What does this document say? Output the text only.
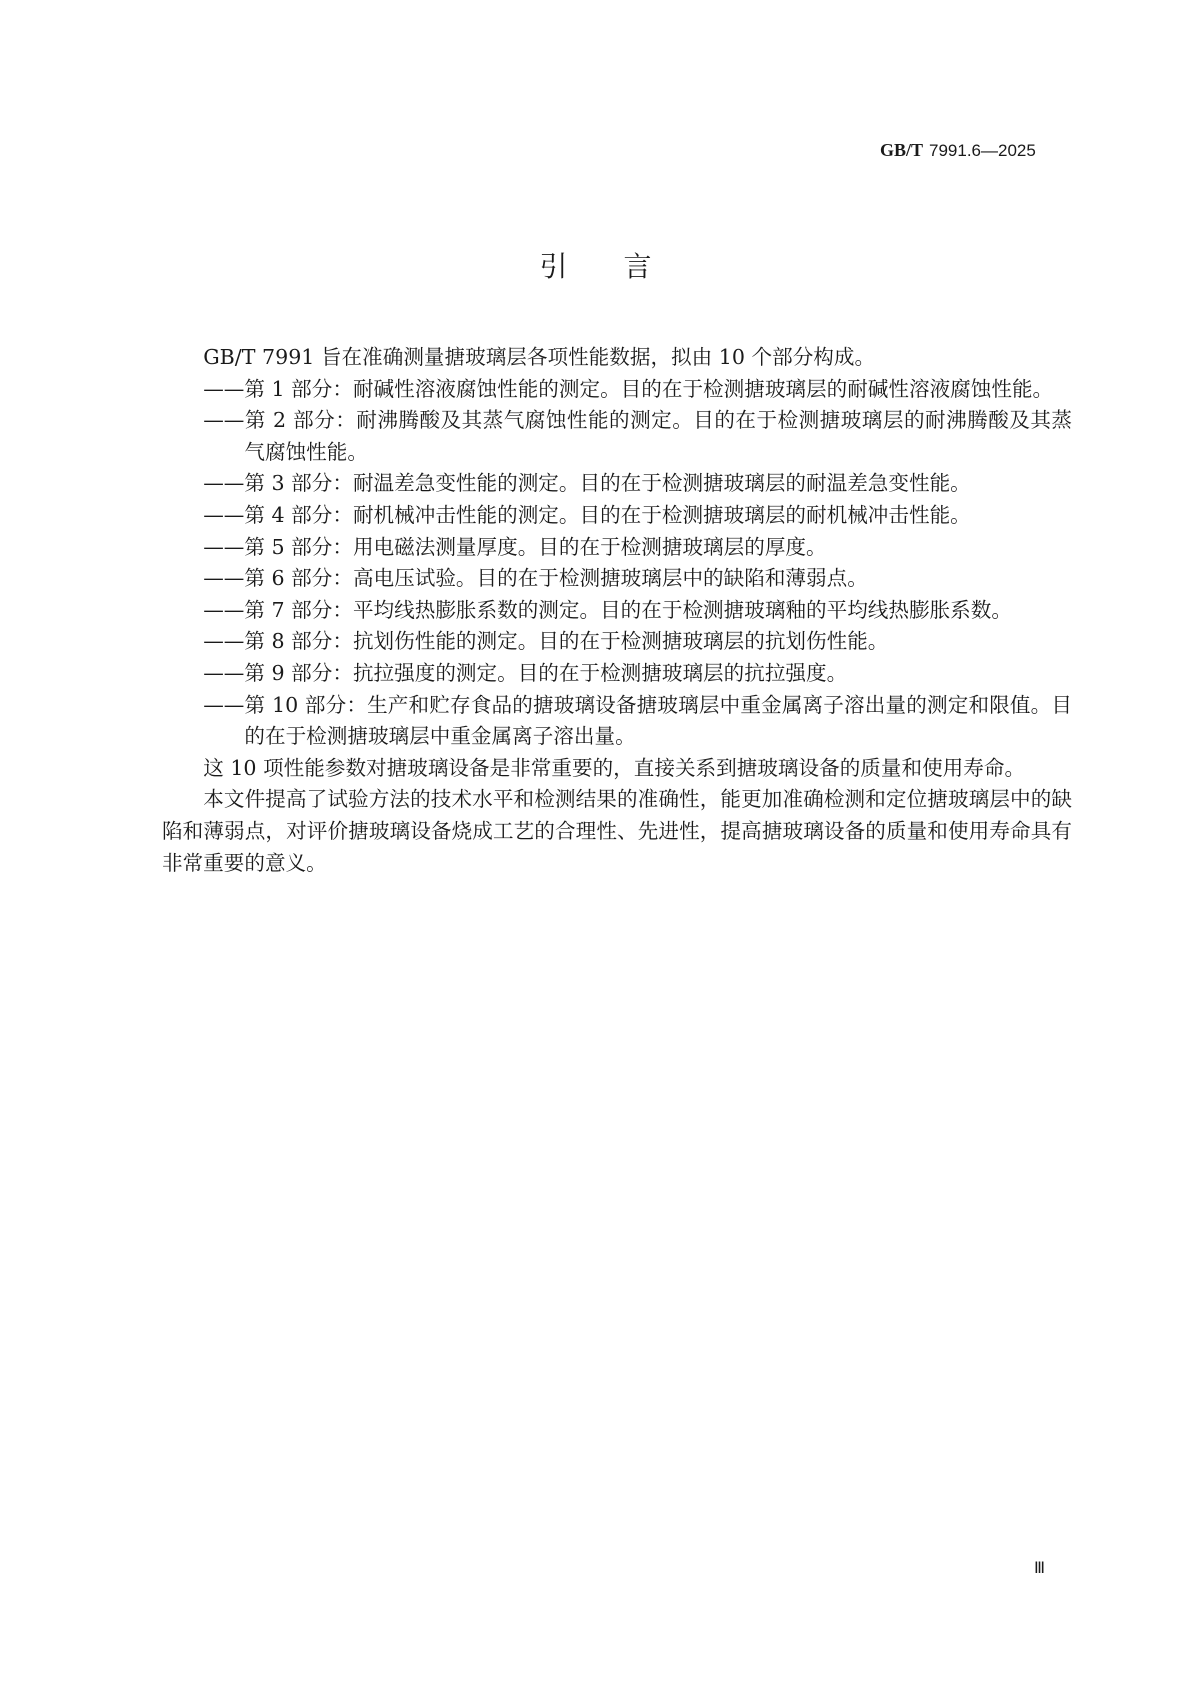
GB/T 7991.6—2025
引言

GB/T 7991 旨在准确测量搪玻璃层各项性能数据，拟由 10 个部分构成。

——第 1 部分：耐碱性溶液腐蚀性能的测定。目的在于检测搪玻璃层的耐碱性溶液腐蚀性能。

——第 2 部分：耐沸腾酸及其蒸气腐蚀性能的测定。目的在于检测搪玻璃层的耐沸腾酸及其蒸气腐蚀性能。

——第 3 部分：耐温差急变性能的测定。目的在于检测搪玻璃层的耐温差急变性能。

——第 4 部分：耐机械冲击性能的测定。目的在于检测搪玻璃层的耐机械冲击性能。

——第 5 部分：用电磁法测量厚度。目的在于检测搪玻璃层的厚度。

——第 6 部分：高电压试验。目的在于检测搪玻璃层中的缺陷和薄弱点。

——第 7 部分：平均线热膨胀系数的测定。目的在于检测搪玻璃釉的平均线热膨胀系数。

——第 8 部分：抗划伤性能的测定。目的在于检测搪玻璃层的抗划伤性能。

——第 9 部分：抗拉强度的测定。目的在于检测搪玻璃层的抗拉强度。

——第 10 部分：生产和贮存食品的搪玻璃设备搪玻璃层中重金属离子溶出量的测定和限值。目的在于检测搪玻璃层中重金属离子溶出量。

这 10 项性能参数对搪玻璃设备是非常重要的，直接关系到搪玻璃设备的质量和使用寿命。

本文件提高了试验方法的技术水平和检测结果的准确性，能更加准确检测和定位搪玻璃层中的缺陷和薄弱点，对评价搪玻璃设备烧成工艺的合理性、先进性，提高搪玻璃设备的质量和使用寿命具有非常重要的意义。

Ⅲ
